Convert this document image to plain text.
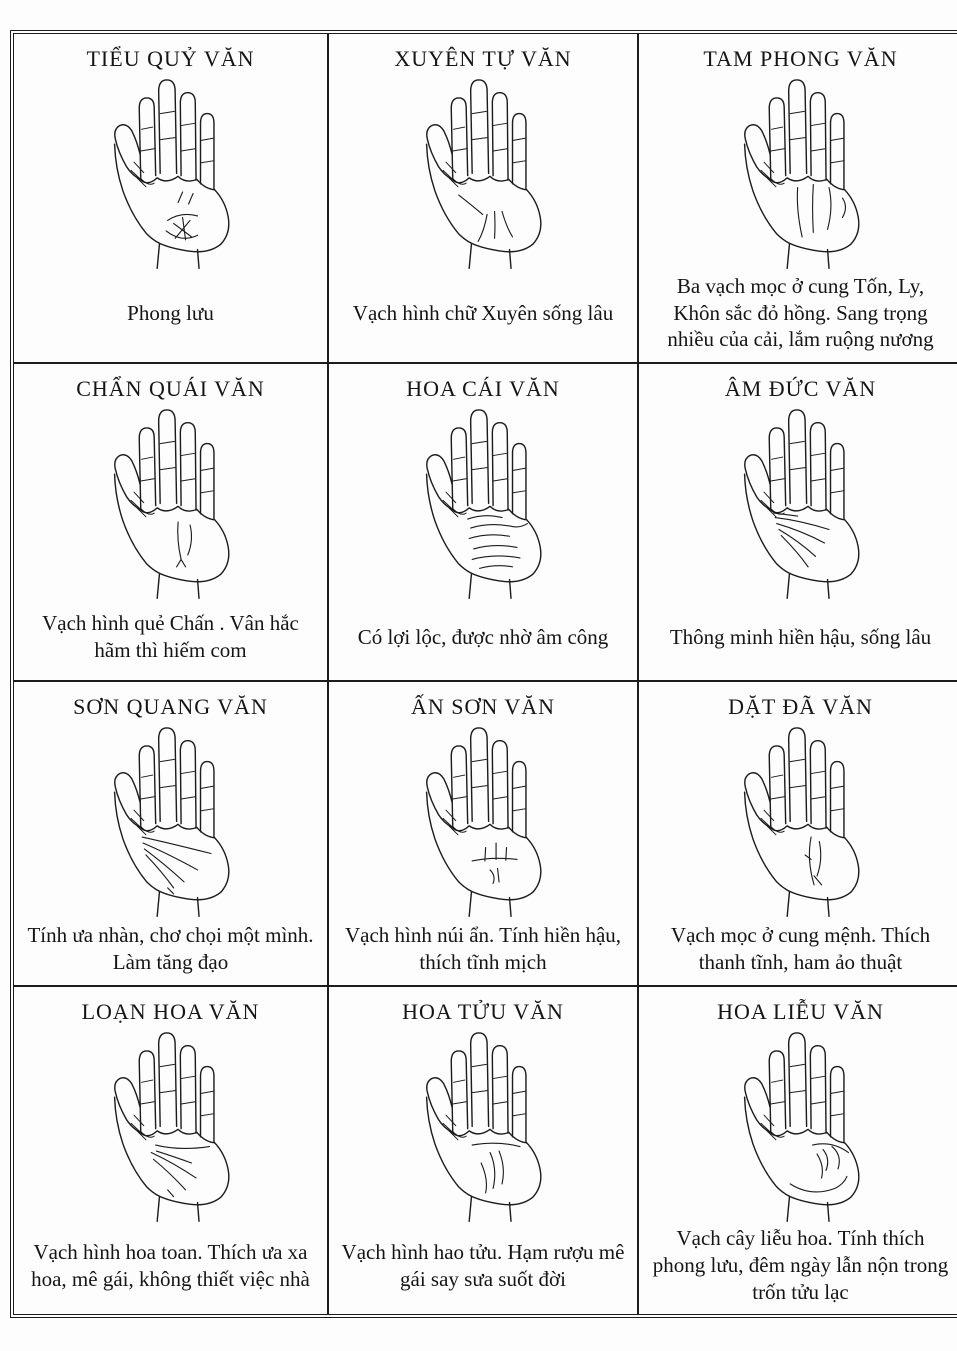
TIỂU QUỶ VĂN
Phong lưu
XUYÊN TỰ VĂN
Vạch hình chữ Xuyên sống lâu
TAM PHONG VĂN
Ba vạch mọc ở cung Tốn, Ly, Khôn sắc đỏ hồng. Sang trọng nhiều của cải, lắm ruộng nương
CHẨN QUÁI VĂN
Vạch hình quẻ Chấn . Vân hắc hãm thì hiếm com
HOA CÁI VĂN
Có lợi lộc, được nhờ âm công
ÂM ĐỨC VĂN
Thông minh hiền hậu, sống lâu
SƠN QUANG VĂN
Tính ưa nhàn, chơ chọi một mình. Làm tăng đạo
ẤN SƠN VĂN
Vạch hình núi ẩn. Tính hiền hậu, thích tĩnh mịch
DẶT ĐÃ VĂN
Vạch mọc ở cung mệnh. Thích thanh tĩnh, ham ảo thuật
LOẠN HOA VĂN
Vạch hình hoa toan. Thích ưa xa hoa, mê gái, không thiết việc nhà
HOA TỬU VĂN
Vạch hình hao tửu. Hạm rượu mê gái say sưa suốt đời
HOA LIỄU VĂN
Vạch cây liễu hoa. Tính thích phong lưu, đêm ngày lẫn nộn trong trốn tửu lạc
